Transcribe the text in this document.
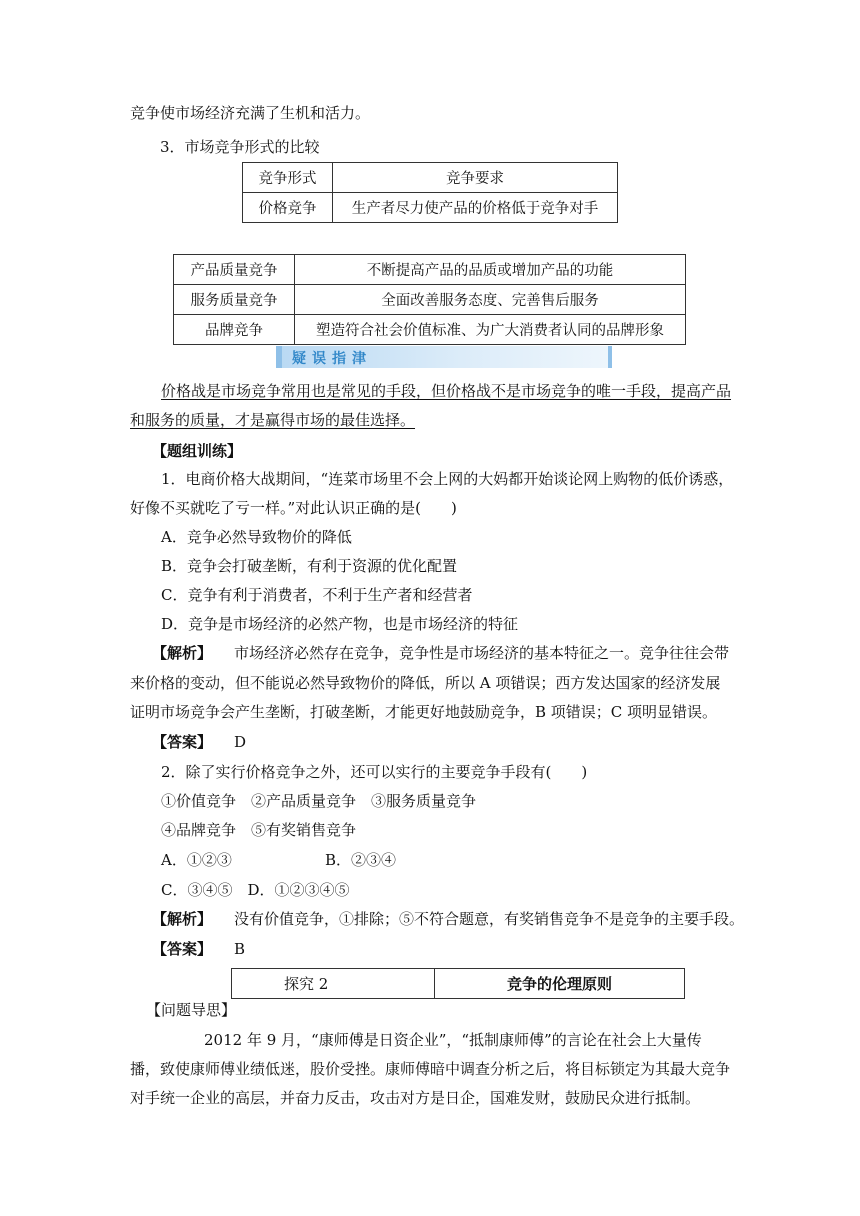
竞争使市场经济充满了生机和活力。
3．市场竞争形式的比较
竞争形式	竞争要求
价格竞争	生产者尽力使产品的价格低于竞争对手
产品质量竞争	不断提高产品的品质或增加产品的功能
服务质量竞争	全面改善服务态度、完善售后服务
品牌竞争	塑造符合社会价值标准、为广大消费者认同的品牌形象
疑误指津
价格战是市场竞争常用也是常见的手段，但价格战不是市场竞争的唯一手段，提高产品
和服务的质量，才是赢得市场的最佳选择。
【题组训练】
1．电商价格大战期间，“连菜市场里不会上网的大妈都开始谈论网上购物的低价诱惑，
好像不买就吃了亏一样。”对此认识正确的是(　　)
A．竞争必然导致物价的降低
B．竞争会打破垄断，有利于资源的优化配置
C．竞争有利于消费者，不利于生产者和经营者
D．竞争是市场经济的必然产物，也是市场经济的特征
【解析】 市场经济必然存在竞争，竞争性是市场经济的基本特征之一。竞争往往会带
来价格的变动，但不能说必然导致物价的降低，所以 A 项错误；西方发达国家的经济发展
证明市场竞争会产生垄断，打破垄断，才能更好地鼓励竞争，B 项错误；C 项明显错误。
【答案】 D
2．除了实行价格竞争之外，还可以实行的主要竞争手段有(　　)
①价值竞争　②产品质量竞争　③服务质量竞争
④品牌竞争　⑤有奖销售竞争
A．①②③	B．②③④
C．③④⑤　D．①②③④⑤
【解析】 没有价值竞争，①排除；⑤不符合题意，有奖销售竞争不是竞争的主要手段。
【答案】 B
探究 2	竞争的伦理原则
【问题导思】
2012 年 9 月，“康师傅是日资企业”，“抵制康师傅”的言论在社会上大量传
播，致使康师傅业绩低迷，股价受挫。康师傅暗中调查分析之后，将目标锁定为其最大竞争
对手统一企业的高层，并奋力反击，攻击对方是日企，国难发财，鼓励民众进行抵制。
